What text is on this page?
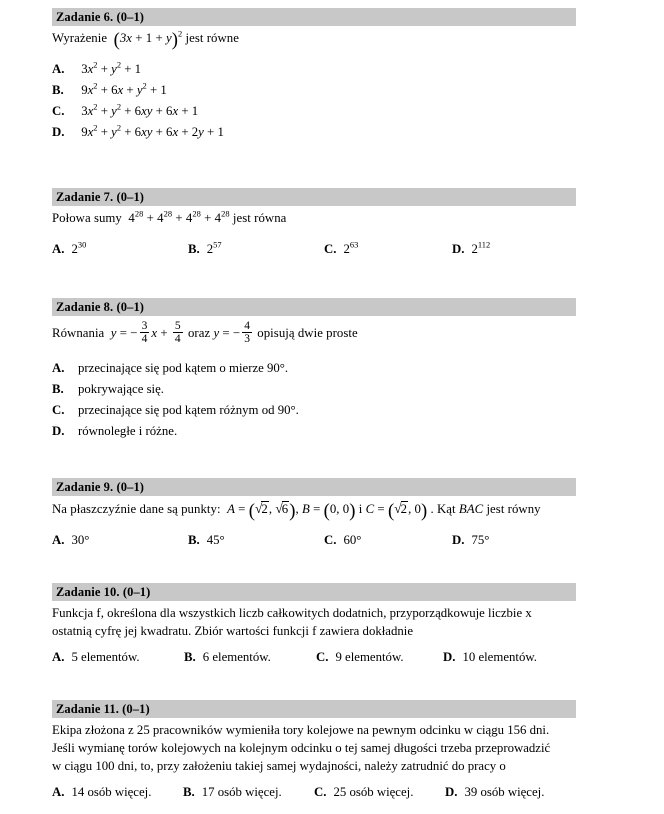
Zadanie 6. (0–1)
Wyrażenie $(3x + 1 + y)^2$ jest równe
A. $3x^2 + y^2 + 1$
B. $9x^2 + 6x + y^2 + 1$
C. $3x^2 + y^2 + 6xy + 6x + 1$
D. $9x^2 + y^2 + 6xy + 6x + 2y + 1$
Zadanie 7. (0–1)
Połowa sumy  $4^{28} + 4^{28} + 4^{28} + 4^{28}$ jest równa
A. $2^{30}$	B. $2^{57}$	C. $2^{63}$	D. $2^{112}$
Zadanie 8. (0–1)
Równania y = − $\frac{3}{4}$ $x + \frac{5}{4}$ oraz y = − $\frac{4}{3}$ opisują dwie proste
A. przecinające się pod kątem o mierze 90°.
B. pokrywające się.
C. przecinające się pod kątem różnym od 90°.
D. równoległe i różne.
Zadanie 9. (0–1)
Na płaszczyźnie dane są punkty: A = (√2, √6), B = (0, 0) i C = (√2, 0) . Kąt BAC jest równy
A. 30°	B. 45°	C. 60°	D. 75°
Zadanie 10. (0–1)
Funkcja f, określona dla wszystkich liczb całkowitych dodatnich, przyporządkowuje liczbie x
ostatnią cyfrę jej kwadratu. Zbiór wartości funkcji f zawiera dokładnie
A. 5 elementów.	B. 6 elementów.	C. 9 elementów.	D. 10 elementów.
Zadanie 11. (0–1)
Ekipa złożona z 25 pracowników wymieniła tory kolejowe na pewnym odcinku w ciągu 156 dni.
Jeśli wymianę torów kolejowych na kolejnym odcinku o tej samej długości trzeba przeprowadzić
w ciągu 100 dni, to, przy założeniu takiej samej wydajności, należy zatrudnić do pracy o
A. 14 osób więcej. B. 17 osób więcej.	C. 25 osób więcej. D. 39 osób więcej.
